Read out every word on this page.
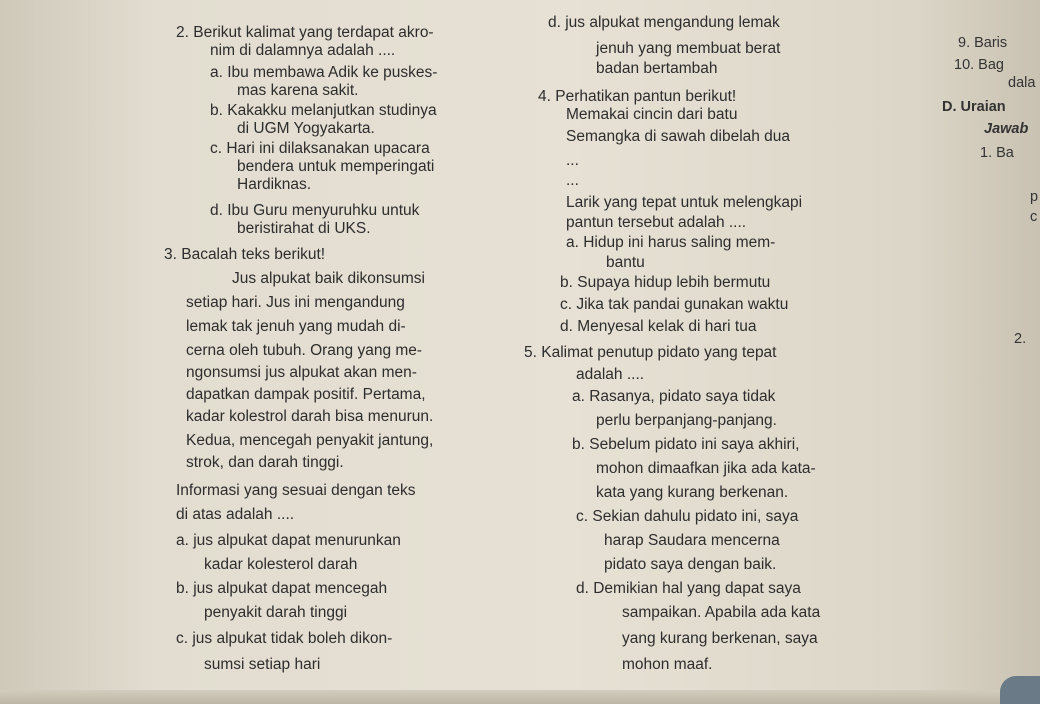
2. Berikut kalimat yang terdapat akro-
nim di dalamnya adalah ....
a. Ibu membawa Adik ke puskes-
mas karena sakit.
b. Kakakku melanjutkan studinya
di UGM Yogyakarta.
c. Hari ini dilaksanakan upacara
bendera untuk memperingati
Hardiknas.
d. Ibu Guru menyuruhku untuk
beristirahat di UKS.
3. Bacalah teks berikut!
Jus alpukat baik dikonsumsi
setiap hari. Jus ini mengandung
lemak tak jenuh yang mudah di-
cerna oleh tubuh. Orang yang me-
ngonsumsi jus alpukat akan men-
dapatkan dampak positif. Pertama,
kadar kolestrol darah bisa menurun.
Kedua, mencegah penyakit jantung,
strok, dan darah tinggi.
Informasi yang sesuai dengan teks
di atas adalah ....
a. jus alpukat dapat menurunkan
kadar kolesterol darah
b. jus alpukat dapat mencegah
penyakit darah tinggi
c. jus alpukat tidak boleh dikon-
sumsi setiap hari
d. jus alpukat mengandung lemak
jenuh yang membuat berat
badan bertambah
4. Perhatikan pantun berikut!
Memakai cincin dari batu
Semangka di sawah dibelah dua
...
...
Larik yang tepat untuk melengkapi
pantun tersebut adalah ....
a. Hidup ini harus saling mem-
bantu
b. Supaya hidup lebih bermutu
c. Jika tak pandai gunakan waktu
d. Menyesal kelak di hari tua
5. Kalimat penutup pidato yang tepat
adalah ....
a. Rasanya, pidato saya tidak
perlu berpanjang-panjang.
b. Sebelum pidato ini saya akhiri,
mohon dimaafkan jika ada kata-
kata yang kurang berkenan.
c. Sekian dahulu pidato ini, saya
harap Saudara mencerna
pidato saya dengan baik.
d. Demikian hal yang dapat saya
sampaikan. Apabila ada kata
yang kurang berkenan, saya
mohon maaf.
9. Baris
10. Bag
dala
D. Uraian
Jawab
1. Ba
p
c
2.
